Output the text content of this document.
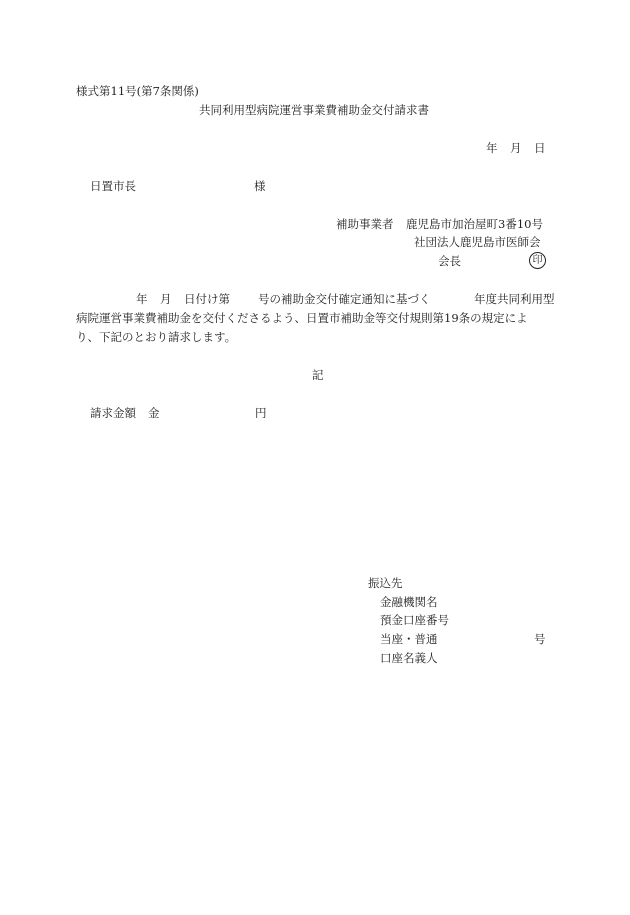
様式第11号(第7条関係)
共同利用型病院運営事業費補助金交付請求書
年 月 日
日置市長	様
補助事業者 鹿児島市加治屋町3番10号
社団法人鹿児島市医師会
会長	印
年 月 日付け第 号の補助金交付確定通知に基づく	年度共同利用型
病院運営事業費補助金を交付くださるよう、日置市補助金等交付規則第19条の規定によ
り、下記のとおり請求します。
記
請求金額 金	円
振込先
金融機関名
預金口座番号
当座・普通	号
口座名義人
